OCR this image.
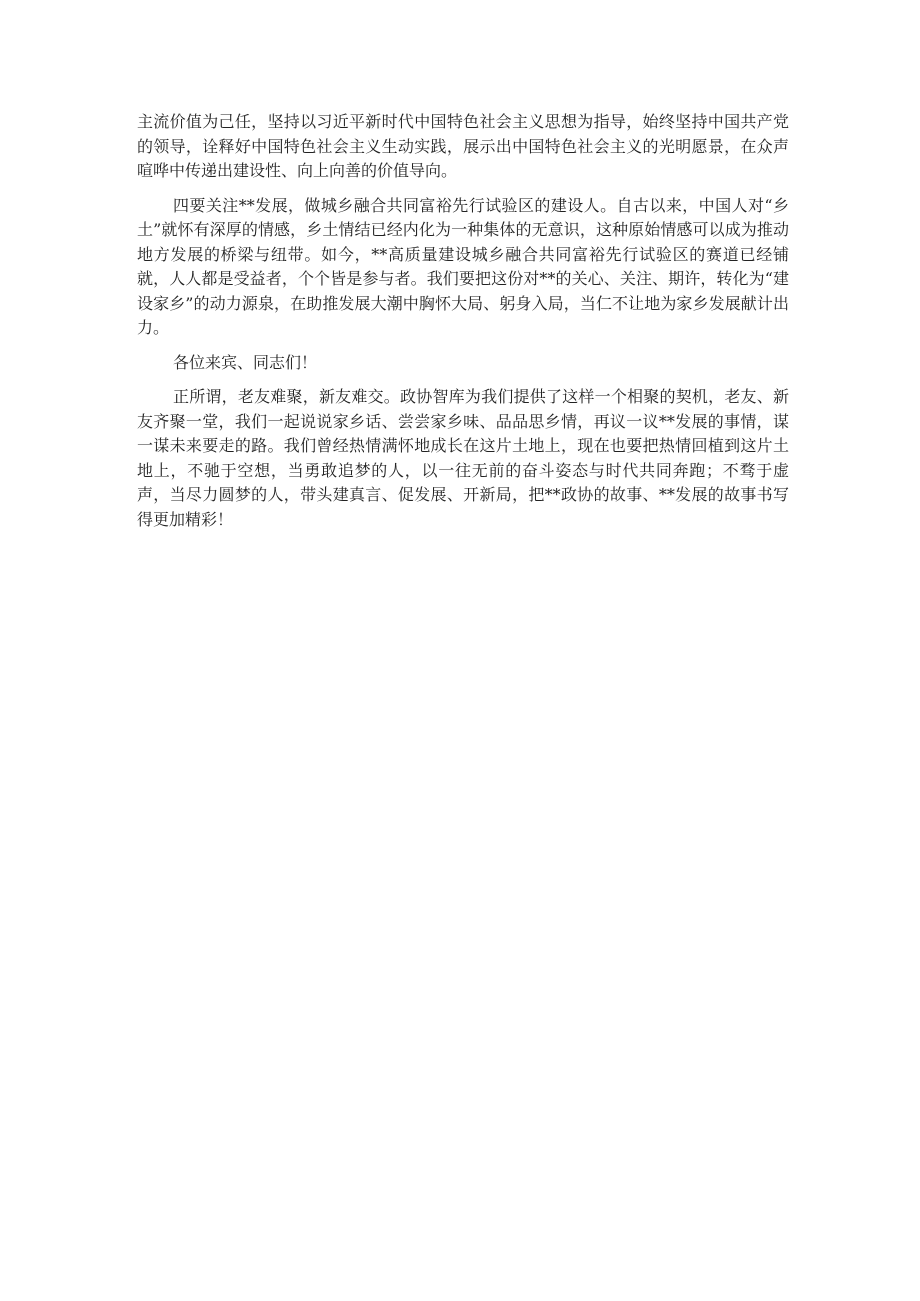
主流价值为己任，坚持以习近平新时代中国特色社会主义思想为指导，始终坚持中国共产党的领导，诠释好中国特色社会主义生动实践，展示出中国特色社会主义的光明愿景，在众声喧哗中传递出建设性、向上向善的价值导向。

四要关注**发展，做城乡融合共同富裕先行试验区的建设人。自古以来，中国人对“乡土”就怀有深厚的情感，乡土情结已经内化为一种集体的无意识，这种原始情感可以成为推动地方发展的桥梁与纽带。如今，**高质量建设城乡融合共同富裕先行试验区的赛道已经铺就，人人都是受益者，个个皆是参与者。我们要把这份对**的关心、关注、期许，转化为“建设家乡”的动力源泉，在助推发展大潮中胸怀大局、躬身入局，当仁不让地为家乡发展献计出力。

各位来宾、同志们！

正所谓，老友难聚，新友难交。政协智库为我们提供了这样一个相聚的契机，老友、新友齐聚一堂，我们一起说说家乡话、尝尝家乡味、品品思乡情，再议一议**发展的事情，谋一谋未来要走的路。我们曾经热情满怀地成长在这片土地上，现在也要把热情回植到这片土地上，不驰于空想，当勇敢追梦的人，以一往无前的奋斗姿态与时代共同奔跑；不骛于虚声，当尽力圆梦的人，带头建真言、促发展、开新局，把**政协的故事、**发展的故事书写得更加精彩！
